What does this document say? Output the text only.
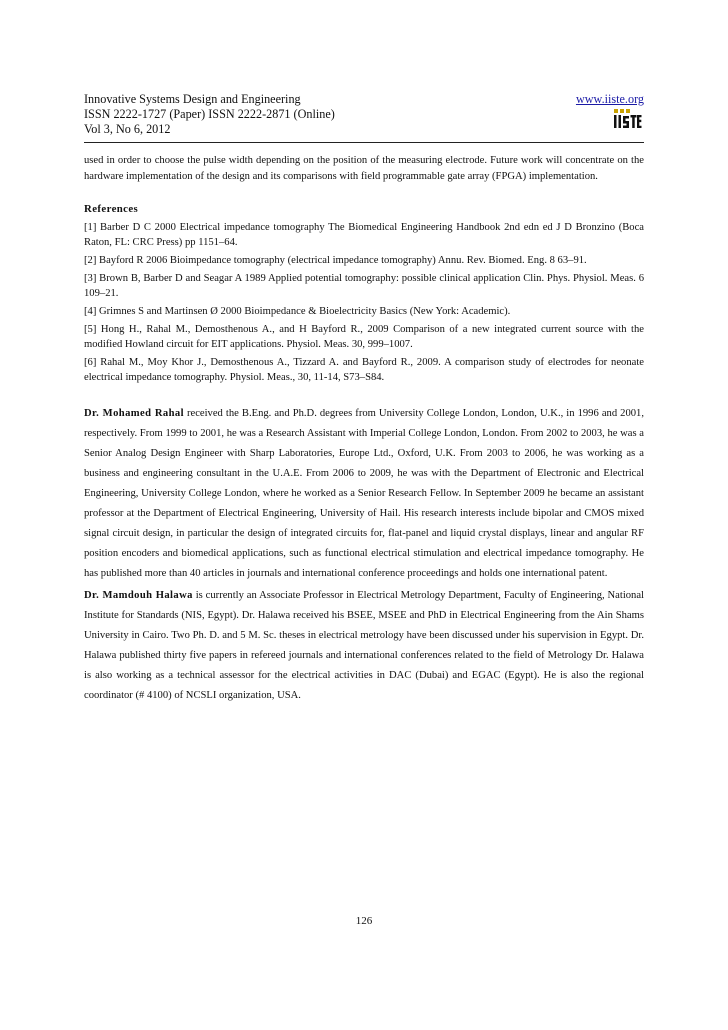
Innovative Systems Design and Engineering
ISSN 2222-1727 (Paper) ISSN 2222-2871 (Online)
Vol 3, No 6, 2012
www.iiste.org

used in order to choose the pulse width depending on the position of the measuring electrode. Future work will concentrate on the hardware implementation of the design and its comparisons with field programmable gate array (FPGA) implementation.

References

[1] Barber D C 2000 Electrical impedance tomography The Biomedical Engineering Handbook 2nd edn ed J D Bronzino (Boca Raton, FL: CRC Press) pp 1151–64.

[2] Bayford R 2006 Bioimpedance tomography (electrical impedance tomography) Annu. Rev. Biomed. Eng. 8 63–91.

[3] Brown B, Barber D and Seagar A 1989 Applied potential tomography: possible clinical application Clin. Phys. Physiol. Meas. 6 109–21.

[4] Grimnes S and Martinsen Ø 2000 Bioimpedance & Bioelectricity Basics (New York: Academic).

[5] Hong H., Rahal M., Demosthenous A., and H Bayford R., 2009 Comparison of a new integrated current source with the modified Howland circuit for EIT applications. Physiol. Meas. 30, 999–1007.

[6] Rahal M., Moy Khor J., Demosthenous A., Tizzard A. and Bayford R., 2009. A comparison study of electrodes for neonate electrical impedance tomography. Physiol. Meas., 30, 11-14, S73–S84.

Dr. Mohamed Rahal received the B.Eng. and Ph.D. degrees from University College London, London, U.K., in 1996 and 2001, respectively. From 1999 to 2001, he was a Research Assistant with Imperial College London, London. From 2002 to 2003, he was a Senior Analog Design Engineer with Sharp Laboratories, Europe Ltd., Oxford, U.K. From 2003 to 2006, he was working as a business and engineering consultant in the U.A.E. From 2006 to 2009, he was with the Department of Electronic and Electrical Engineering, University College London, where he worked as a Senior Research Fellow. In September 2009 he became an assistant professor at the Department of Electrical Engineering, University of Hail. His research interests include bipolar and CMOS mixed signal circuit design, in particular the design of integrated circuits for, flat-panel and liquid crystal displays, linear and angular RF position encoders and biomedical applications, such as functional electrical stimulation and electrical impedance tomography. He has published more than 40 articles in journals and international conference proceedings and holds one international patent.

Dr. Mamdouh Halawa is currently an Associate Professor in Electrical Metrology Department, Faculty of Engineering, National Institute for Standards (NIS, Egypt). Dr. Halawa received his BSEE, MSEE and PhD in Electrical Engineering from the Ain Shams University in Cairo. Two Ph. D. and 5 M. Sc. theses in electrical metrology have been discussed under his supervision in Egypt. Dr. Halawa published thirty five papers in refereed journals and international conferences related to the field of Metrology Dr. Halawa is also working as a technical assessor for the electrical activities in DAC (Dubai) and EGAC (Egypt). He is also the regional coordinator (# 4100) of NCSLI organization, USA.

126
